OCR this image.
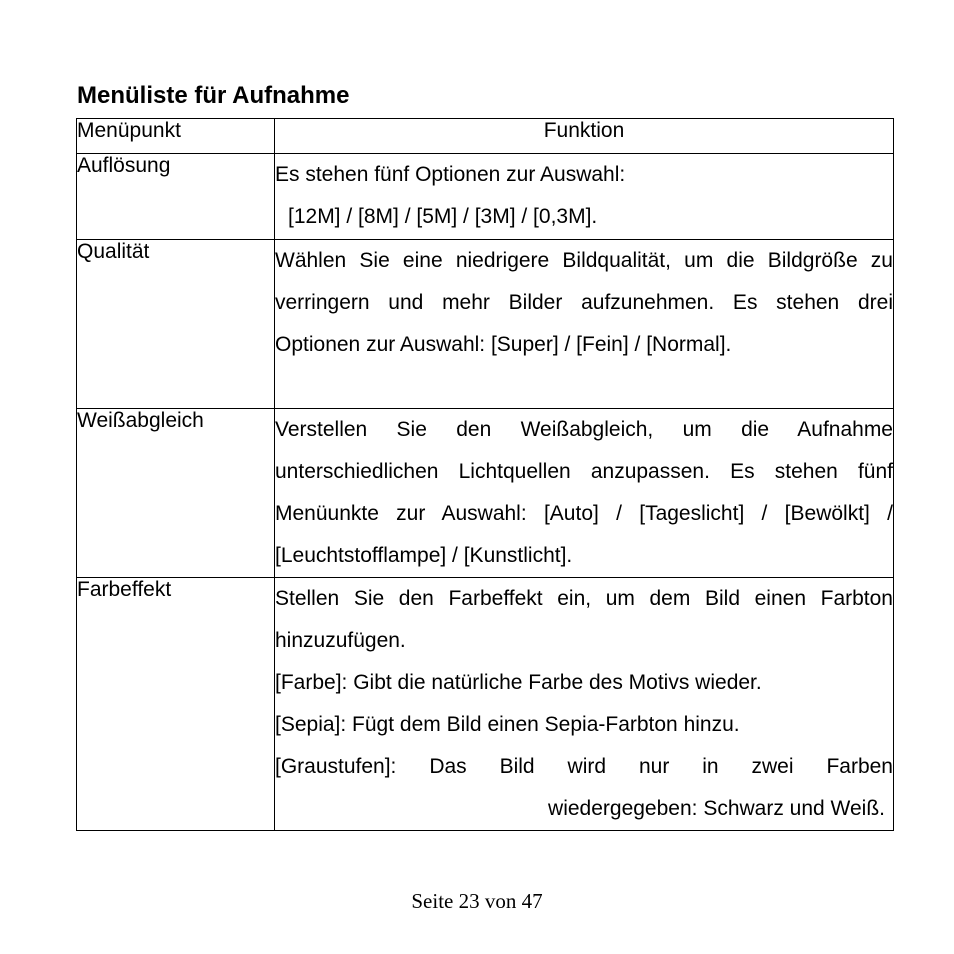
Menüliste für Aufnahme
Menüpunkt	Funktion
Auflösung	Es stehen fünf Optionen zur Auswahl:
[12M] / [8M] / [5M] / [3M] / [0,3M].

Qualität	Wählen Sie eine niedrigere Bildqualität, um die Bildgröße zu verringern und mehr Bilder aufzunehmen. Es stehen drei Optionen zur Auswahl: [Super] / [Fein] / [Normal].
Weißabgleich	Verstellen Sie den Weißabgleich, um die Aufnahme unterschiedlichen Lichtquellen anzupassen. Es stehen fünf Menüunkte zur Auswahl: [Auto] / [Tageslicht] / [Bewölkt] / [Leuchtstofflampe] / [Kunstlicht].
Farbeffekt	Stellen Sie den Farbeffekt ein, um dem Bild einen Farbton hinzuzufügen.
[Farbe]: Gibt die natürliche Farbe des Motivs wieder.
[Sepia]: Fügt dem Bild einen Sepia-Farbton hinzu.
[Graustufen]: Das Bild wird nur in zwei Farben
wiedergegeben: Schwarz und Weiß.
Seite 23 von 47
